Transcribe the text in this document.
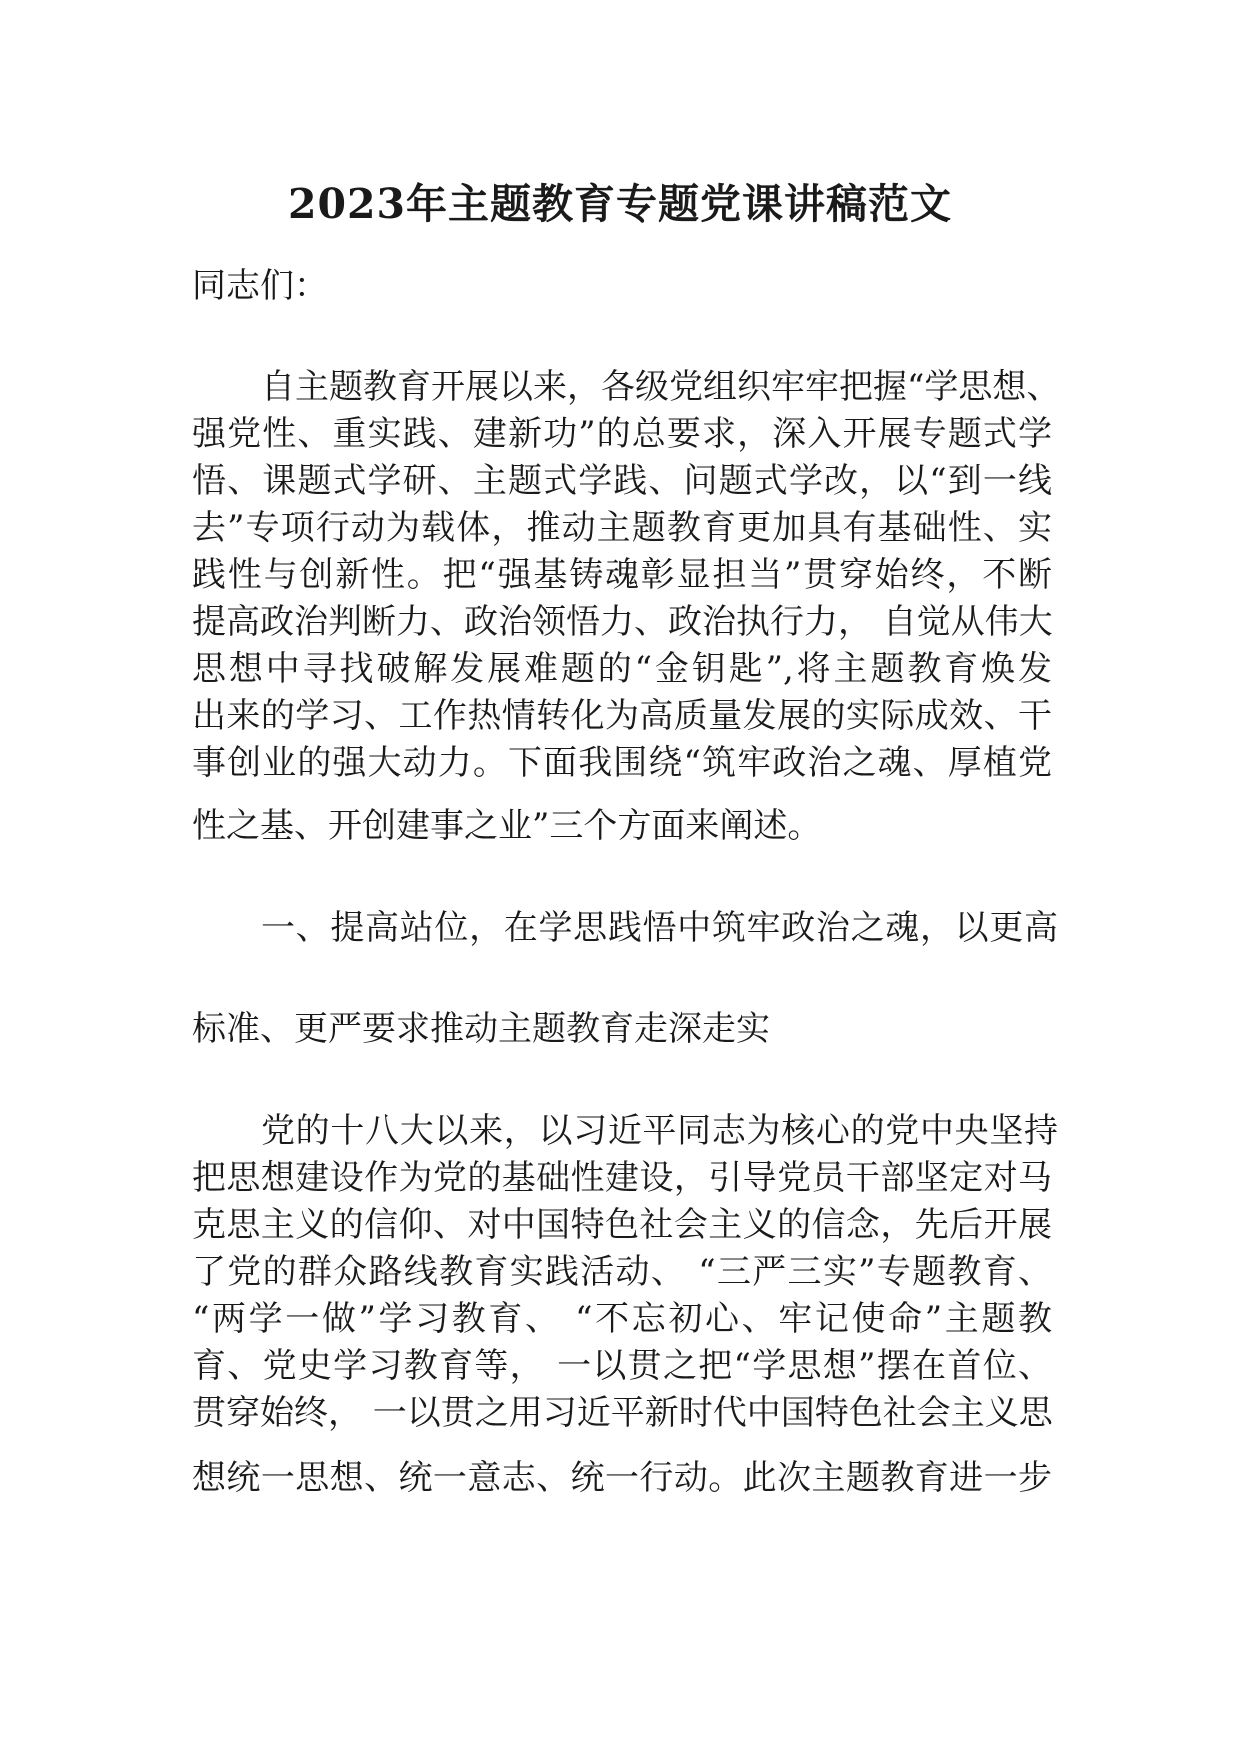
2023年主题教育专题党课讲稿范文

同志们：

自主题教育开展以来，各级党组织牢牢把握“学思想、

强党性、重实践、建新功”的总要求，深入开展专题式学

悟、课题式学研、主题式学践、问题式学改，以“到一线

去”专项行动为载体，推动主题教育更加具有基础性、实

践性与创新性。把“强基铸魂彰显担当”贯穿始终，不断

提高政治判断力、政治领悟力、政治执行力， 自觉从伟大

思想中寻找破解发展难题的“金钥匙”,将主题教育焕发

出来的学习、工作热情转化为高质量发展的实际成效、干

事创业的强大动力。下面我围绕“筑牢政治之魂、厚植党

性之基、开创建事之业”三个方面来阐述。

一、提高站位，在学思践悟中筑牢政治之魂，以更高

标准、更严要求推动主题教育走深走实

党的十八大以来，以习近平同志为核心的党中央坚持

把思想建设作为党的基础性建设，引导党员干部坚定对马

克思主义的信仰、对中国特色社会主义的信念，先后开展

了党的群众路线教育实践活动、 “三严三实”专题教育、

“两学一做”学习教育、 “不忘初心、牢记使命”主题教

育、党史学习教育等， 一以贯之把“学思想”摆在首位、

贯穿始终， 一以贯之用习近平新时代中国特色社会主义思

想统一思想、统一意志、统一行动。此次主题教育进一步
